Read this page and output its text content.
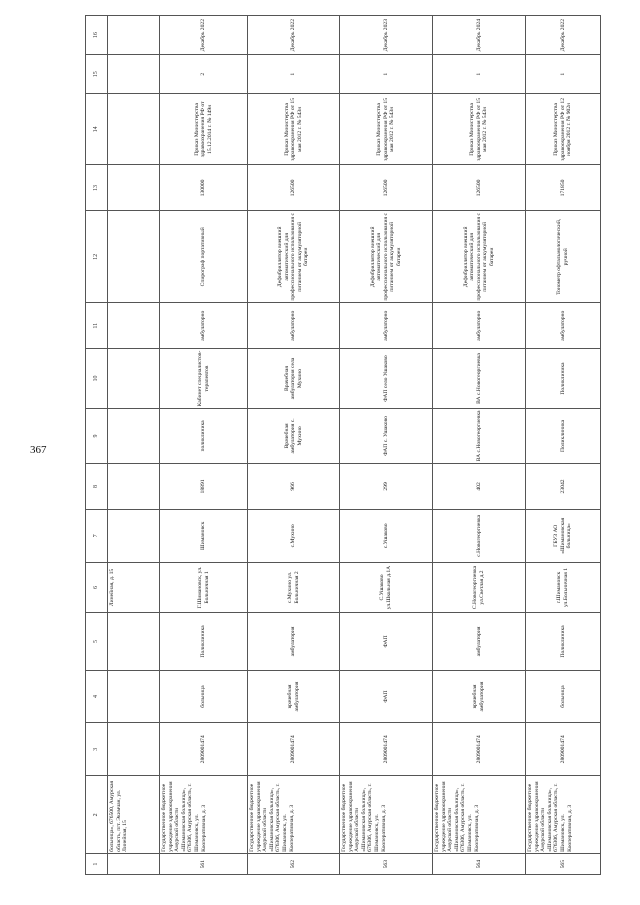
367
1	2	3	4	5	6	7	8	9	10	11	12	13	14	15	16
	больница», 676500, Амурская область, пгт. Экимчан, ул. Линейная, 15				Линейная, д. 15										
561	Государственное бюджетное учреждение здравоохранения Амурской области «Шимановская больница», 676306, Амурская область, г. Шимановск, ул. Кооперативная, д. 3	2809001474	больница	Поликлиника	Г.Шимановск, ул. Больничная 1	Шимановск	18891	поликлиника	Кабинет специалистов-терапевтов	амбулаторно	Спирограф портативный	130000	Приказ Министерства здравоохранения РФ от 15.12.2014 г. № 149н	2	Декабрь 2022
562	Государственное бюджетное учреждение здравоохранения Амурской области «Шимановская больница», 676306, Амурская область, г. Шимановск, ул. Кооперативная, д. 3	2809001474	врачебная амбулатория	амбулатория	с.Мухино ул. Больничная 2	с.Мухино	966	Врачебная амбулатория с. Мухино	Врачебная амбулатория села Мухино	амбулаторно	Дефибриллятор внешний автоматический для профессионального использования с питанием от аккумуляторной батареи	126500	Приказ Министерства здравоохранения РФ от 15 мая 2012 г. № 543н	1	Декабрь 2022
563	Государственное бюджетное учреждение здравоохранения Амурской области «Шимановская больница», 676306, Амурская область, г. Шимановск, ул. Кооперативная, д. 3	2809001474	ФАП	ФАП	С.Ушаково ул.Школьная д.1А	с.Ушаково	299	ФАП с. Ушаково	ФАП село Ушаково	амбулаторно	Дефибриллятор внешний автоматический для профессионального использования с питанием от аккумуляторной батареи	126500	Приказ Министерства здравоохранения РФ от 15 мая 2012 г. № 543н	1	Декабрь 2023
564	Государственное бюджетное учреждение здравоохранения Амурской области «Шимановская больница», 676306, Амурская область, г. Шимановск, ул. Кооперативная, д. 3	2809001474	врачебная амбулатория	амбулатория	С.Новогеоргиевка ул.Светлая д.2	с.Новогеоргиевка	402	ВА с.Новогеоргиевка	ВА с.Новогеоргиевка	амбулаторно	Дефибриллятор внешний автоматический для профессионального использования с питанием от аккумуляторной батареи	126500	Приказ Министерства здравоохранения РФ от 15 мая 2012 г. № 543н	1	Декабрь 2024
565	Государственное бюджетное учреждение здравоохранения Амурской области «Шимановская больница», 676306, Амурская область, г. Шимановск, ул. Кооперативная, д. 3	2809001474	больница	Поликлиника	г.Шимановск ул.Больничная 1	ГБУЗ АО «Шимановская больница»	23042	Поликлиника	Поликлиника	амбулаторно	Тонометр офтальмологический, ручной	171850	Приказ Министерства здравоохранения РФ от 12 ноября 2012 г. № 902н	1	Декабрь 2022
